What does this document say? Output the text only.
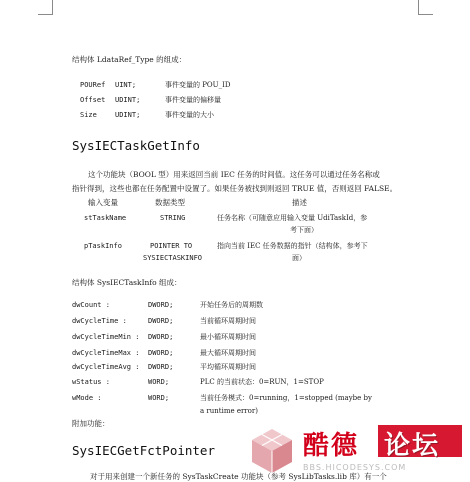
结构体 LdataRef_Type 的组成：
POURef UINT;	事件变量的 POU_ID
Offset UDINT;	事件变量的偏移量
Size	UDINT;	事件变量的大小
SysIECTaskGetInfo
这个功能块（BOOL 型）用来返回当前 IEC 任务的时间值。这任务可以通过任务名称或
指针得到，这些也都在任务配置中设置了。如果任务被找到则返回 TRUE 值，否则返回 FALSE。
输入变量	数据类型	描述
stTaskName	STRING	任务名称（可随意应用输入变量 UdiTaskId，参
考下面）
pTaskInfo	POINTER TO
SYSIECTASKINFO
指向当前 IEC 任务数据的指针（结构体，参考下
面）
结构体 SysIECTaskInfo 组成：
dwCount :	DWORD;	开始任务后的周期数
dwCycleTime :	DWORD;	当前循环周期时间
dwCycleTimeMin : DWORD;	最小循环周期时间
dwCycleTimeMax : DWORD;	最大循环周期时间
dwCycleTimeAvg : DWORD;	平均循环周期时间
wStatus :	WORD;	PLC 的当前状态：0=RUN，1=STOP
wMode :	WORD;	当前任务模式：0=running，1=stopped (maybe by
a runtime error)
附加功能：
SysIECGetFctPointer
对于用来创建一个新任务的 SysTaskCreate 功能块（参考 SysLibTasks.lib 库）有一个
酷德 论坛
BBS.HICODESYS.COM
